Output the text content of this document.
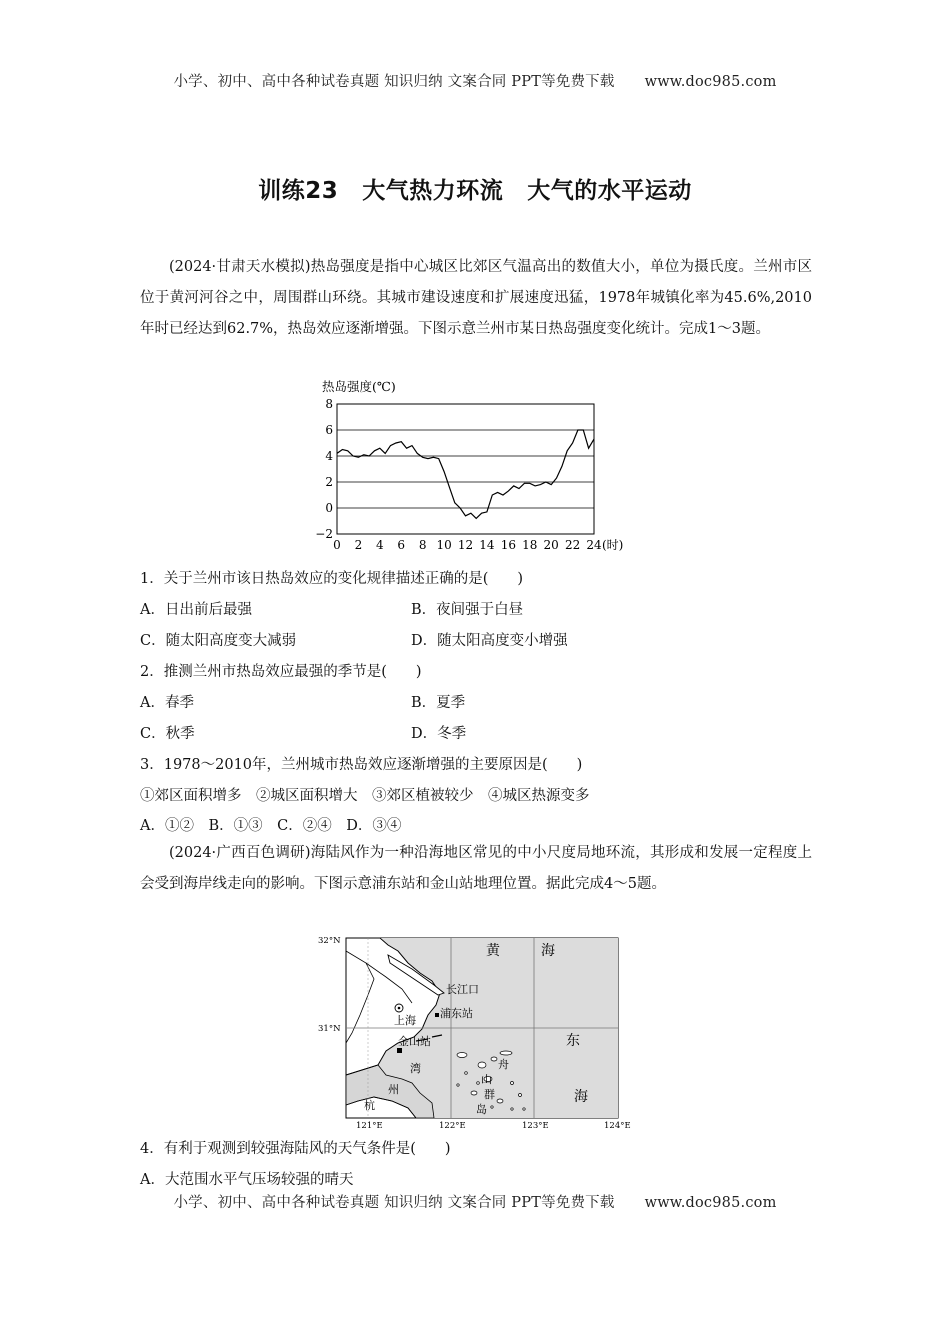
小学、初中、高中各种试卷真题 知识归纳 文案合同 PPT等免费下载 www.doc985.com
训练23 大气热力环流 大气的水平运动

(2024·甘肃天水模拟)热岛强度是指中心城区比郊区气温高出的数值大小，单位为摄氏度。兰州市区位于黄河河谷之中，周围群山环绕。其城市建设速度和扩展速度迅猛，1978年城镇化率为45.6%,2010年时已经达到62.7%，热岛效应逐渐增强。下图示意兰州市某日热岛强度变化统计。完成1～3题。

热岛强度(℃)
−2
0
2
4
6
8
0 2 4 6 8 10 12 14 16 18 20 22 24 (时)
1．关于兰州市该日热岛效应的变化规律描述正确的是(　　)
A．日出前后最强	B．夜间强于白昼
C．随太阳高度变大减弱	D．随太阳高度变小增强
2．推测兰州市热岛效应最强的季节是(　　)
A．春季	B．夏季
C．秋季	D．冬季
3．1978～2010年，兰州城市热岛效应逐渐增强的主要原因是(　　)
①郊区面积增多　②城区面积增大　③郊区植被较少　④城区热源变多
A．①②　B．①③　C．②④　D．③④

(2024·广西百色调研)海陆风作为一种沿海地区常见的中小尺度局地环流，其形成和发展一定程度上会受到海岸线走向的影响。下图示意浦东站和金山站地理位置。据此完成4～5题。

32°N
31°N
121°E	122°E	123°E	124°E
上海
浦东站
金山站
长江口
黄	海
东
海
杭
州
湾	舟
山
群
岛
4．有利于观测到较强海陆风的天气条件是(　　)
A．大范围水平气压场较强的晴天
小学、初中、高中各种试卷真题 知识归纳 文案合同 PPT等免费下载 www.doc985.com
